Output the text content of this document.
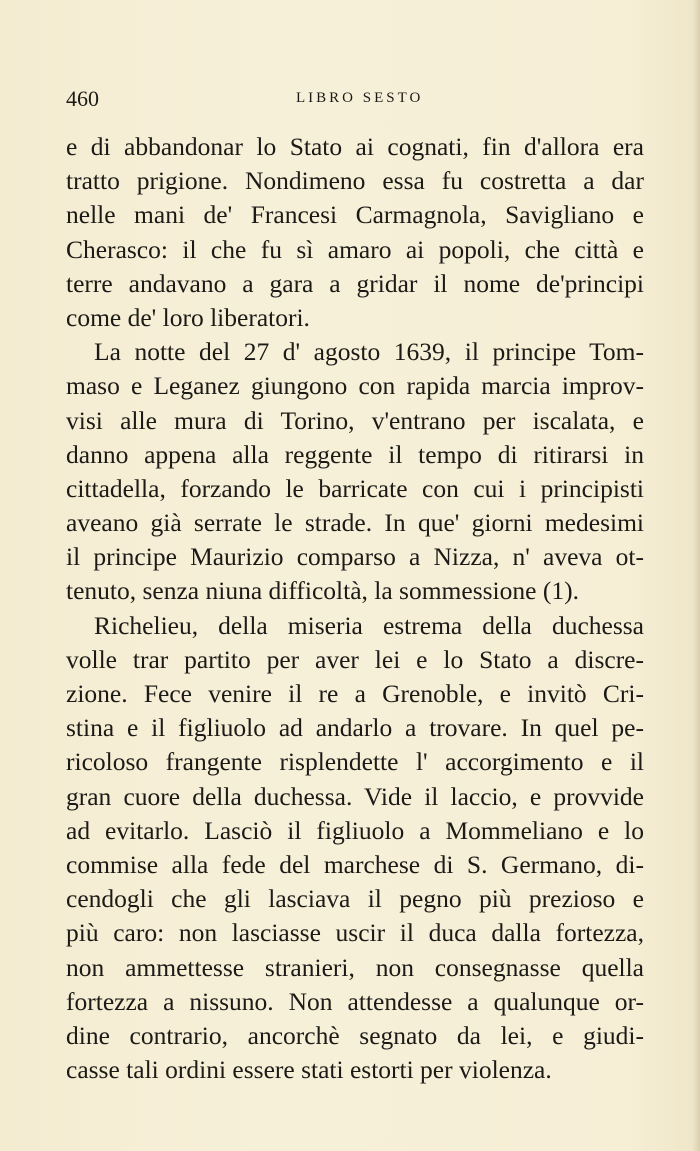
460	LIBRO SESTO
e di abbandonar lo Stato ai cognati, fin d'allora era
tratto prigione. Nondimeno essa fu costretta a dar
nelle mani de' Francesi Carmagnola, Savigliano e
Cherasco: il che fu sì amaro ai popoli, che città e
terre andavano a gara a gridar il nome de'principi
come de' loro liberatori.
La notte del 27 d' agosto 1639, il principe Tom-
maso e Leganez giungono con rapida marcia improv-
visi alle mura di Torino, v'entrano per iscalata, e
danno appena alla reggente il tempo di ritirarsi in
cittadella, forzando le barricate con cui i principisti
aveano già serrate le strade. In que' giorni medesimi
il principe Maurizio comparso a Nizza, n' aveva ot-
tenuto, senza niuna difficoltà, la sommessione (1).
Richelieu, della miseria estrema della duchessa
volle trar partito per aver lei e lo Stato a discre-
zione. Fece venire il re a Grenoble, e invitò Cri-
stina e il figliuolo ad andarlo a trovare. In quel pe-
ricoloso frangente risplendette l' accorgimento e il
gran cuore della duchessa. Vide il laccio, e provvide
ad evitarlo. Lasciò il figliuolo a Mommeliano e lo
commise alla fede del marchese di S. Germano, di-
cendogli che gli lasciava il pegno più prezioso e
più caro: non lasciasse uscir il duca dalla fortezza,
non ammettesse stranieri, non consegnasse quella
fortezza a nissuno. Non attendesse a qualunque or-
dine contrario, ancorchè segnato da lei, e giudi-
casse tali ordini essere stati estorti per violenza.
